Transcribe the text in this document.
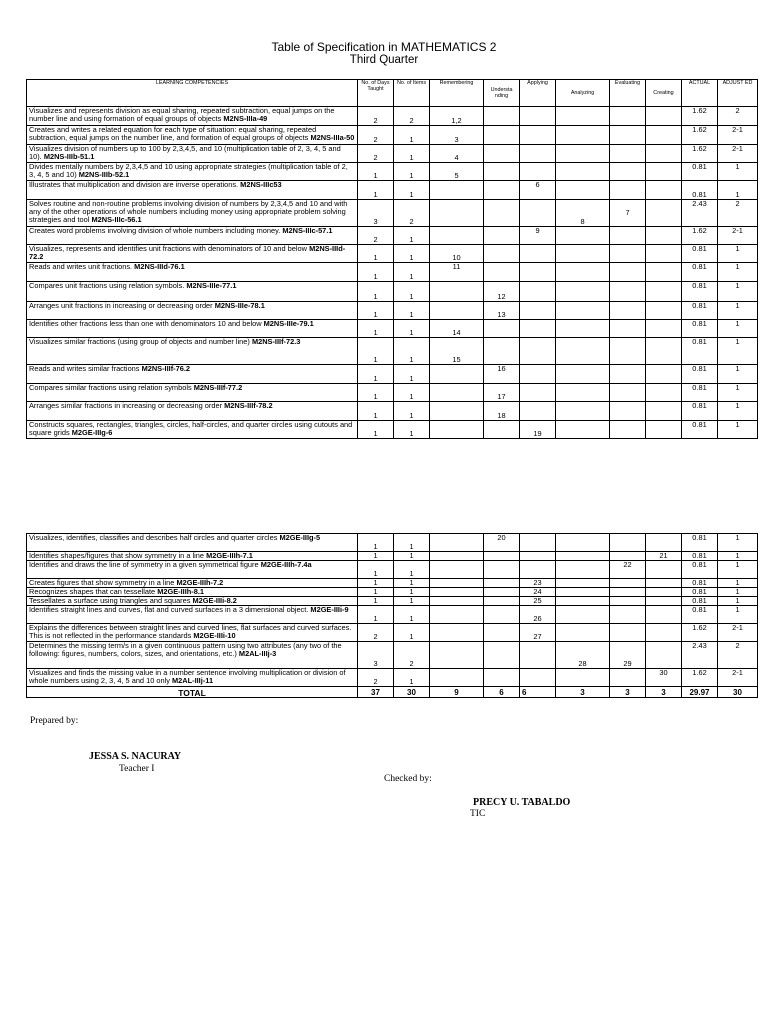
Table of Specification in MATHEMATICS 2
Third Quarter
LEARNING COMPETENCIES	No. of Days Taught	No. of Items	Remembering	Understa nding	Applying	Analyzing	Evaluating	Creating	ACTUAL	ADJUST ED
Visualizes and represents division as equal sharing, repeated subtraction, equal jumps on the number line and using formation of equal groups of objects M2NS-IIIa-49	2	2	1,2						1.62	2
Creates and writes a related equation for each type of situation: equal sharing, repeated subtraction, equal jumps on the number line, and formation of equal groups of objects M2NS-IIIa-50	2	1	3						1.62	2-1
Visualizes division of numbers up to 100 by 2,3,4,5, and 10 (multiplication table of 2, 3, 4, 5 and 10). M2NS-IIIb-51.1	2	1	4						1.62	2-1
Divides mentally numbers by 2,3,4,5 and 10 using appropriate strategies (multiplication table of 2, 3, 4, 5 and 10) M2NS-IIIb-52.1	1	1	5						0.81	1
Illustrates that multiplication and division are inverse operations. M2NS-IIIc53	1	1			6				0.81	1
Solves routine and non-routine problems involving division of numbers by 2,3,4,5 and 10 and with any of the other operations of whole numbers including money using appropriate problem solving strategies and tool M2NS-IIIc-56.1	3	2				8	7		2.43	2
Creates word problems involving division of whole numbers including money. M2NS-IIIc-57.1	2	1			9				1.62	2-1
Visualizes, represents and identifies unit fractions with denominators of 10 and below M2NS-IIId-72.2	1	1	10						0.81	1
Reads and writes unit fractions. M2NS-IIId-76.1	1	1	11						0.81	1
Compares unit fractions using relation symbols. M2NS-IIIe-77.1	1	1		12					0.81	1
Arranges unit fractions in increasing or decreasing order M2NS-IIIe-78.1	1	1		13					0.81	1
Identifies other fractions less than one with denominators 10 and below M2NS-IIIe-79.1	1	1	14						0.81	1
Visualizes similar fractions (using group of objects and number line) M2NS-IIIf-72.3	1	1	15						0.81	1
Reads and writes similar fractions M2NS-IIIf-76.2	1	1		16					0.81	1
Compares similar fractions using relation symbols M2NS-IIIf-77.2	1	1		17					0.81	1
Arranges similar fractions in increasing or decreasing order M2NS-IIIf-78.2	1	1		18					0.81	1
Constructs squares, rectangles, triangles, circles, half-circles, and quarter circles using cutouts and square grids M2GE-IIIg-6	1	1			19				0.81	1
Visualizes, identifies, classifies and describes half circles and quarter circles M2GE-IIIg-5	1	1		20					0.81	1
Identifies shapes/figures that show symmetry in a line M2GE-IIIh-7.1	1	1						21	0.81	1
Identifies and draws the line of symmetry in a given symmetrical figure M2GE-IIIh-7.4a	1	1					22		0.81	1
Creates figures that show symmetry in a line M2GE-IIIh-7.2	1	1			23				0.81	1
Recognizes shapes that can tessellate M2GE-IIIh-8.1	1	1			24				0.81	1
Tessellates a surface using triangles and squares M2GE-IIIi-8.2	1	1			25				0.81	1
Identifies straight lines and curves, flat and curved surfaces in a 3 dimensional object. M2GE-IIIi-9	1	1			26				0.81	1
Explains the differences between straight lines and curved lines, flat surfaces and curved surfaces. This is not reflected in the performance standards M2GE-IIIi-10	2	1			27				1.62	2-1
Determines the missing term/s in a given continuous pattern using two attributes (any two of the following: figures, numbers, colors, sizes, and orientations, etc.) M2AL-IIIj-3	3	2				28	29		2.43	2
Visualizes and finds the missing value in a number sentence involving multiplication or division of whole numbers using 2, 3, 4, 5 and 10 only M2AL-IIIj-11	2	1						30	1.62	2-1
TOTAL	37	30	9	6	6	3	3	3	29.97	30
Prepared by:
JESSA S. NACURAY
Teacher I
Checked by:
PRECY U. TABALDO
TIC
